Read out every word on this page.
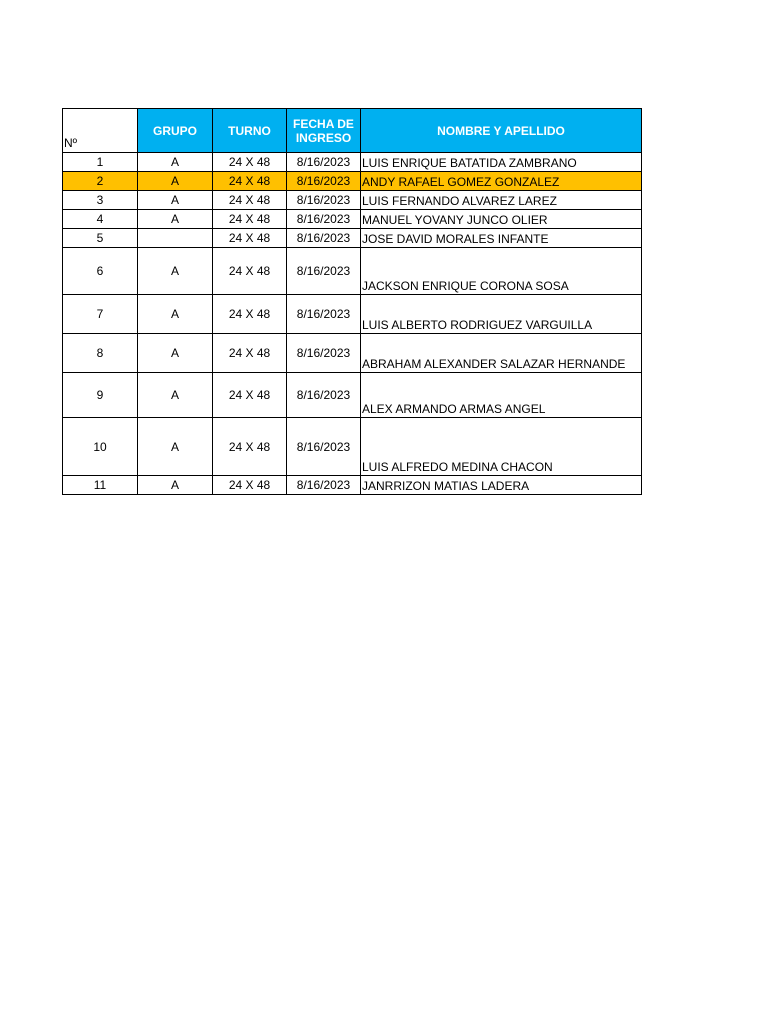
Nº	GRUPO	TURNO	FECHA DE
INGRESO	NOMBRE Y APELLIDO
1	A	24 X 48	8/16/2023	LUIS ENRIQUE BATATIDA ZAMBRANO
2	A	24 X 48	8/16/2023	ANDY RAFAEL GOMEZ GONZALEZ
3	A	24 X 48	8/16/2023	LUIS FERNANDO ALVAREZ LAREZ
4	A	24 X 48	8/16/2023	MANUEL YOVANY JUNCO OLIER
5		24 X 48	8/16/2023	JOSE DAVID MORALES INFANTE
6	A	24 X 48	8/16/2023	JACKSON ENRIQUE CORONA SOSA
7	A	24 X 48	8/16/2023	LUIS ALBERTO RODRIGUEZ VARGUILLA
8	A	24 X 48	8/16/2023	ABRAHAM ALEXANDER SALAZAR HERNANDE
9	A	24 X 48	8/16/2023	ALEX ARMANDO ARMAS ANGEL
10	A	24 X 48	8/16/2023	LUIS ALFREDO MEDINA CHACON
11	A	24 X 48	8/16/2023	JANRRIZON MATIAS LADERA
